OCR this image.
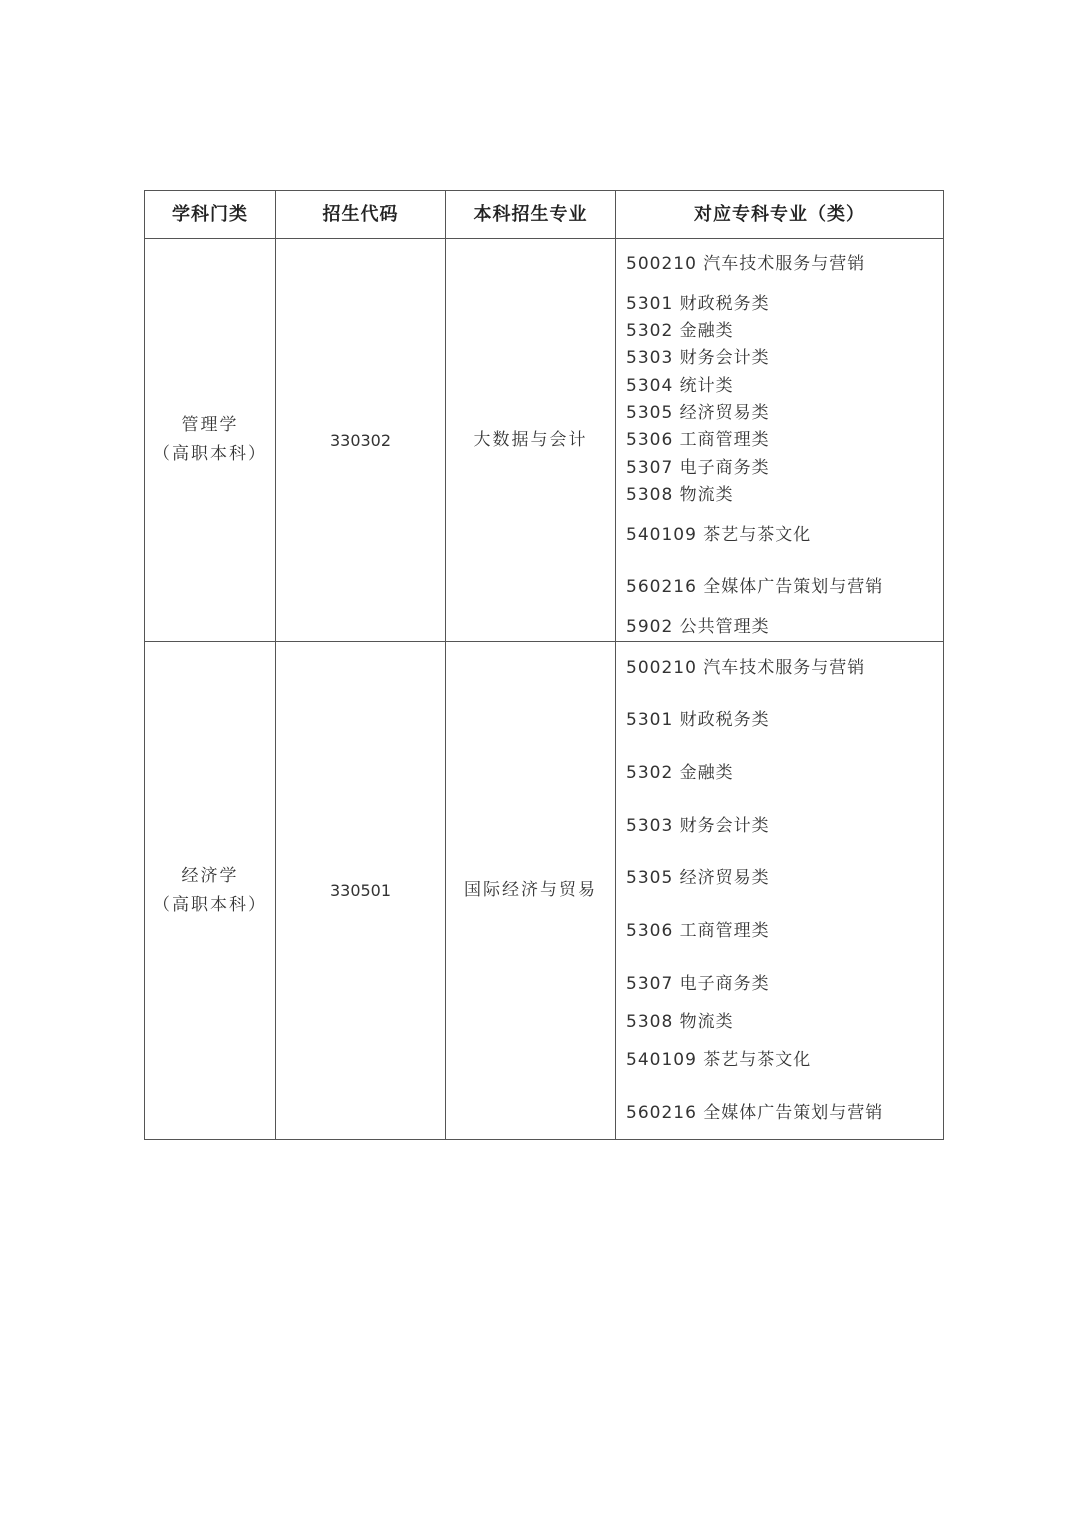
学科门类	招生代码	本科招生专业	对应专科专业（类）
管理学
（高职本科）
330302	大数据与会计
500210 汽车技术服务与营销
5301 财政税务类
5302 金融类
5303 财务会计类
5304 统计类
5305 经济贸易类
5306 工商管理类
5307 电子商务类
5308 物流类
540109 茶艺与茶文化
560216 全媒体广告策划与营销
5902 公共管理类
经济学
（高职本科）
330501	国际经济与贸易
500210 汽车技术服务与营销
5301 财政税务类
5302 金融类
5303 财务会计类
5305 经济贸易类
5306 工商管理类
5307 电子商务类
5308 物流类
540109 茶艺与茶文化
560216 全媒体广告策划与营销
